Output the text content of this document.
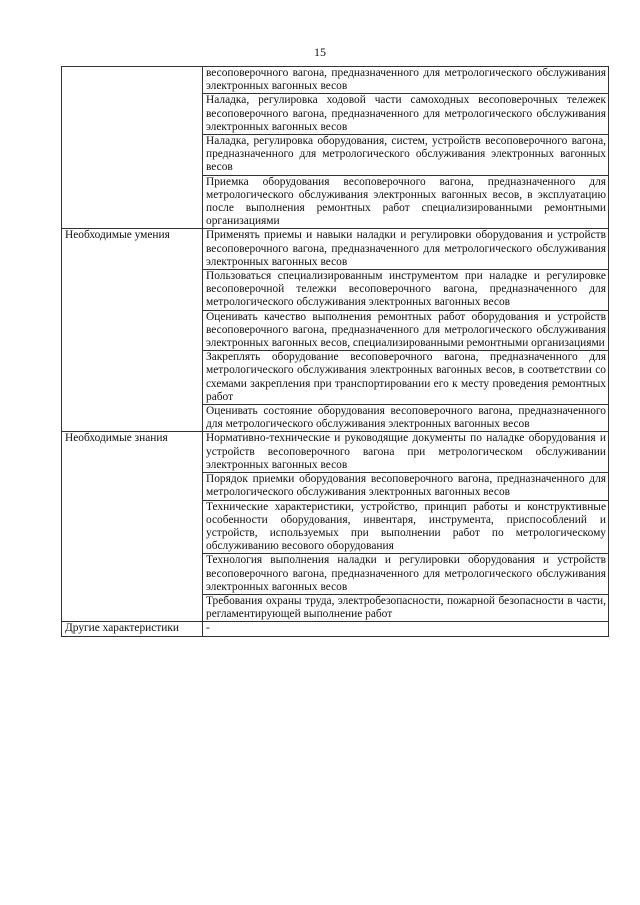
15
	весоповерочного вагона, предназначенного для метрологического обслуживания электронных вагонных весов
	Наладка, регулировка ходовой части самоходных весоповерочных тележек весоповерочного вагона, предназначенного для метрологического обслуживания электронных вагонных весов
	Наладка, регулировка оборудования, систем, устройств весоповерочного вагона, предназначенного для метрологического обслуживания электронных вагонных весов
	Приемка оборудования весоповерочного вагона, предназначенного для метрологического обслуживания электронных вагонных весов, в эксплуатацию после выполнения ремонтных работ специализированными ремонтными организациями
Необходимые умения	Применять приемы и навыки наладки и регулировки оборудования и устройств весоповерочного вагона, предназначенного для метрологического обслуживания электронных вагонных весов
	Пользоваться специализированным инструментом при наладке и регулировке весоповерочной тележки весоповерочного вагона, предназначенного для метрологического обслуживания электронных вагонных весов
	Оценивать качество выполнения ремонтных работ оборудования и устройств весоповерочного вагона, предназначенного для метрологического обслуживания электронных вагонных весов, специализированными ремонтными организациями
	Закреплять оборудование весоповерочного вагона, предназначенного для метрологического обслуживания электронных вагонных весов, в соответствии со схемами закрепления при транспортировании его к месту проведения ремонтных работ
	Оценивать состояние оборудования весоповерочного вагона, предназначенного для метрологического обслуживания электронных вагонных весов
Необходимые знания	Нормативно-технические и руководящие документы по наладке оборудования и устройств весоповерочного вагона при метрологическом обслуживании электронных вагонных весов
	Порядок приемки оборудования весоповерочного вагона, предназначенного для метрологического обслуживания электронных вагонных весов
	Технические характеристики, устройство, принцип работы и конструктивные особенности оборудования, инвентаря, инструмента, приспособлений и устройств, используемых при выполнении работ по метрологическому обслуживанию весового оборудования
	Технология выполнения наладки и регулировки оборудования и устройств весоповерочного вагона, предназначенного для метрологического обслуживания электронных вагонных весов
	Требования охраны труда, электробезопасности, пожарной безопасности в части, регламентирующей выполнение работ
Другие характеристики	-
